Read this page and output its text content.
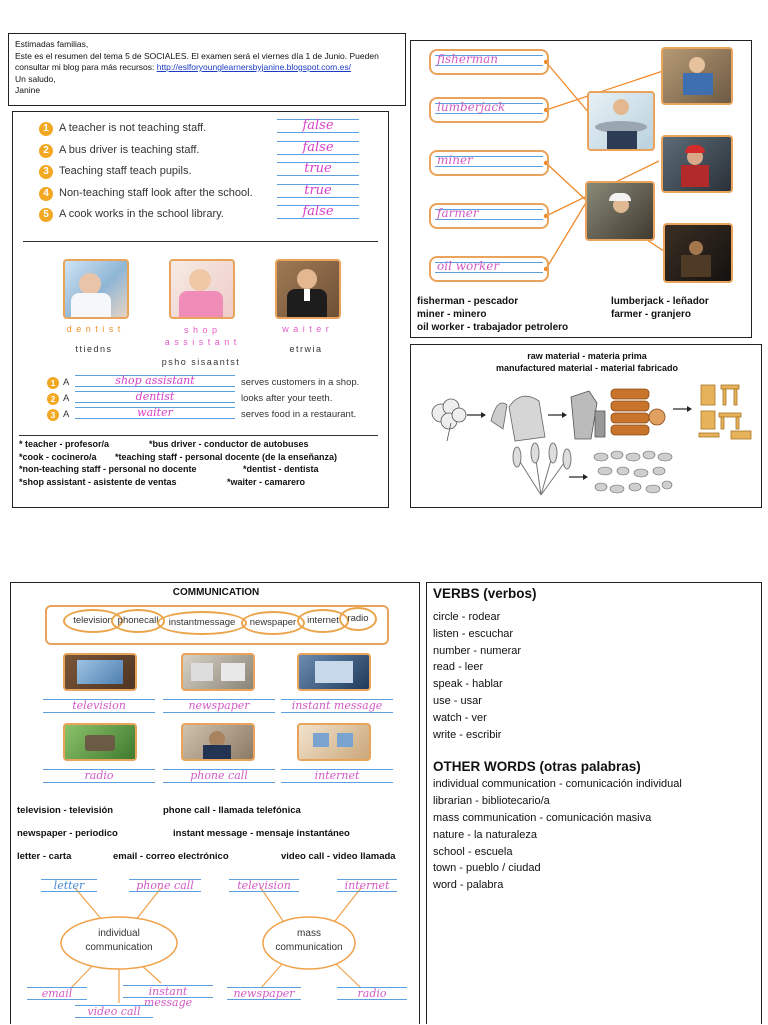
Estimadas familias,
Este es el resumen del tema 5 de SOCIALES. El examen será el viernes día 1 de Junio. Pueden
consultar mi blog para más recursos: http://eslforyounglearnersbyjanine.blogspot.com.es/
Un saludo,
Janine
1 A teacher is not teaching staff.	false
2 A bus driver is teaching staff.	false
3 Teaching staff teach pupils.	true
4 Non-teaching staff look after the school.	true
5 A cook works in the school library.	false
d e n t i s t	s h o p
a s s i s t a n t
w a i t e r
ttiedns
psho sisaantst
etrwia
1 A	shop assistant	serves customers in a shop.
2 A	dentist	looks after your teeth.
3 A	waiter	serves food in a restaurant.
* teacher - profesor/a	*bus driver - conductor de autobuses
*cook - cocinero/a *teaching staff - personal docente (de la enseñanza)
*non-teaching staff - personal no docente	*dentist - dentista
*shop assistant - asistente de ventas	*waiter - camarero
fisherman
lumberjack
miner
farmer
oil worker
fisherman - pescador	lumberjack - leñador
miner - minero	farmer - granjero
oil worker - trabajador petrolero
raw material - materia prima
manufactured material - material fabricado
COMMUNICATION
television phonecall	instantmessage	newspaper	internet radio
television	newspaper	instant message
radio	phone call	internet
television - televisión	phone call - llamada telefónica
newspaper - periodico	instant message - mensaje instantáneo
letter - carta	email - correo electrónico	video call - video llamada
individual
communication
mass
communication
letter	phone call
email	instant message
video call
television	internet
newspaper	radio
VERBS (verbos)
circle - rodear
listen - escuchar
number - numerar
read - leer
speak - hablar
use - usar
watch - ver
write - escribir
OTHER WORDS (otras palabras)
individual communication - comunicación individual
librarian - bibliotecario/a
mass communication - comunicación masiva
nature - la naturaleza
school - escuela
town - pueblo / ciudad
word - palabra
